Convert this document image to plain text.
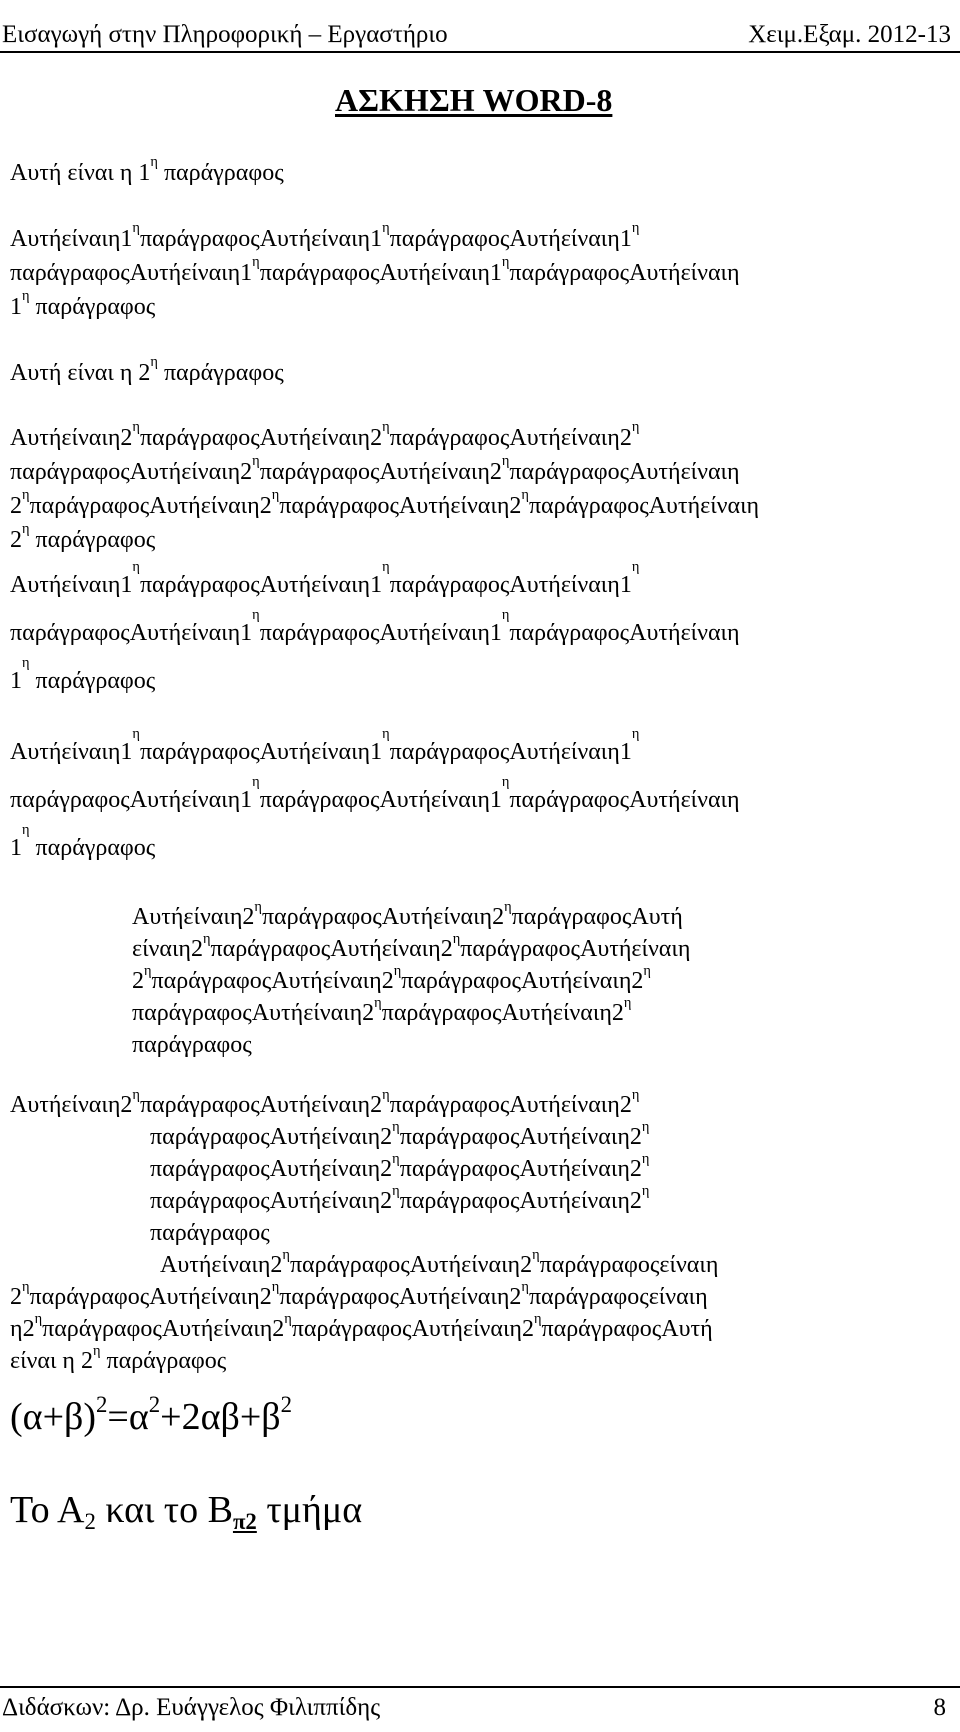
Εισαγωγή στην Πληροφορική – Εργαστήριο	Χειμ.Εξαμ. 2012-13
ΑΣΚΗΣΗ WORD-8
Αυτή είναι η $1^\eta$ παράγραφος
$A\upsilon\tau ή\varepsilon ί\nu\alpha\iota\eta 1^\eta\pi\alpha\rho ά\gamma\rho\alpha\varphi o\varsigma A\upsilon\tau ή\varepsilon ί\nu\alpha\iota\eta 1^\eta\pi\alpha\rho ά\gamma\rho\alpha\varphi o\varsigma A\upsilon\tau ή\varepsilon ί\nu\alpha\iota\eta 1^\eta$
$\pi\alpha\rho ά\gamma\rho\alpha\varphi o\varsigma A\upsilon\tau ή\varepsilon ί\nu\alpha\iota\eta 1^\eta\pi\alpha\rho ά\gamma\rho\alpha\varphi o\varsigma A\upsilon\tau ή\varepsilon ί\nu\alpha\iota\eta 1^\eta\pi\alpha\rho ά\gamma\rho\alpha\varphi o\varsigma A\upsilon\tau ή\varepsilon ί\nu\alpha\iota\eta$
$1^\eta$ παράγραφος
Αυτή είναι η $2^\eta$ παράγραφος
$A\upsilon\tau ή\varepsilon ί\nu\alpha\iota\eta 2^\eta\pi\alpha\rho ά\gamma\rho\alpha\varphi o\varsigma A\upsilon\tau ή\varepsilon ί\nu\alpha\iota\eta 2^\eta\pi\alpha\rho ά\gamma\rho\alpha\varphi o\varsigma A\upsilon\tau ή\varepsilon ί\nu\alpha\iota\eta 2^\eta$
$\pi\alpha\rho ά\gamma\rho\alpha\varphi o\varsigma A\upsilon\tau ή\varepsilon ί\nu\alpha\iota\eta 2^\eta\pi\alpha\rho ά\gamma\rho\alpha\varphi o\varsigma A\upsilon\tau ή\varepsilon ί\nu\alpha\iota\eta 2^\eta\pi\alpha\rho ά\gamma\rho\alpha\varphi o\varsigma A\upsilon\tau ή\varepsilon ί\nu\alpha\iota\eta$
$2^\eta\pi\alpha\rho ά\gamma\rho\alpha\varphi o\varsigma A\upsilon\tau ή\varepsilon ί\nu\alpha\iota\eta 2^\eta\pi\alpha\rho ά\gamma\rho\alpha\varphi o\varsigma A\upsilon\tau ή\varepsilon ί\nu\alpha\iota\eta 2^\eta\pi\alpha\rho ά\gamma\rho\alpha\varphi o\varsigma A\upsilon\tau ή\varepsilon ί\nu\alpha\iota\eta$
$2^\eta$ παράγραφος
$A\upsilon\tau ή\varepsilon ί\nu\alpha\iota\eta 1^\eta\pi\alpha\rho ά\gamma\rho\alpha\varphi o\varsigma A\upsilon\tau ή\varepsilon ί\nu\alpha\iota\eta 1^\eta\pi\alpha\rho ά\gamma\rho\alpha\varphi o\varsigma A\upsilon\tau ή\varepsilon ί\nu\alpha\iota\eta 1^\eta$
$\pi\alpha\rho ά\gamma\rho\alpha\varphi o\varsigma A\upsilon\tau ή\varepsilon ί\nu\alpha\iota\eta 1^\eta\pi\alpha\rho ά\gamma\rho\alpha\varphi o\varsigma A\upsilon\tau ή\varepsilon ί\nu\alpha\iota\eta 1^\eta\pi\alpha\rho ά\gamma\rho\alpha\varphi o\varsigma A\upsilon\tau ή\varepsilon ί\nu\alpha\iota\eta$
$1^\eta$ παράγραφος
$A\upsilon\tau ή\varepsilon ί\nu\alpha\iota\eta 1^\eta\pi\alpha\rho ά\gamma\rho\alpha\varphi o\varsigma A\upsilon\tau ή\varepsilon ί\nu\alpha\iota\eta 1^\eta\pi\alpha\rho ά\gamma\rho\alpha\varphi o\varsigma A\upsilon\tau ή\varepsilon ί\nu\alpha\iota\eta 1^\eta$
$\pi\alpha\rho ά\gamma\rho\alpha\varphi o\varsigma A\upsilon\tau ή\varepsilon ί\nu\alpha\iota\eta 1^\eta\pi\alpha\rho ά\gamma\rho\alpha\varphi o\varsigma A\upsilon\tau ή\varepsilon ί\nu\alpha\iota\eta 1^\eta\pi\alpha\rho ά\gamma\rho\alpha\varphi o\varsigma A\upsilon\tau ή\varepsilon ί\nu\alpha\iota\eta$
$1^\eta$ παράγραφος
$A\upsilon\tau ή\varepsilon ί\nu\alpha\iota\eta 2^\eta\pi\alpha\rho ά\gamma\rho\alpha\varphi o\varsigma A\upsilon\tau ή\varepsilon ί\nu\alpha\iota\eta 2^\eta\pi\alpha\rho ά\gamma\rho\alpha\varphi o\varsigma A\upsilon\tau ή$
$\varepsilon ί\nu\alpha\iota\eta 2^\eta\pi\alpha\rho ά\gamma\rho\alpha\varphi o\varsigma A\upsilon\tau ή\varepsilon ί\nu\alpha\iota\eta 2^\eta\pi\alpha\rho ά\gamma\rho\alpha\varphi o\varsigma A\upsilon\tau ή\varepsilon ί\nu\alpha\iota\eta$
$2^\eta\pi\alpha\rho ά\gamma\rho\alpha\varphi o\varsigma A\upsilon\tau ή\varepsilon ί\nu\alpha\iota\eta 2^\eta\pi\alpha\rho ά\gamma\rho\alpha\varphi o\varsigma A\upsilon\tau ή\varepsilon ί\nu\alpha\iota\eta 2^\eta$
$\pi\alpha\rho ά\gamma\rho\alpha\varphi o\varsigma A\upsilon\tau ή\varepsilon ί\nu\alpha\iota\eta 2^\eta\pi\alpha\rho ά\gamma\rho\alpha\varphi o\varsigma A\upsilon\tau ή\varepsilon ί\nu\alpha\iota\eta 2^\eta$
παράγραφος
$A\upsilon\tau ή\varepsilon ί\nu\alpha\iota\eta 2^\eta\pi\alpha\rho ά\gamma\rho\alpha\varphi o\varsigma A\upsilon\tau ή\varepsilon ί\nu\alpha\iota\eta 2^\eta\pi\alpha\rho ά\gamma\rho\alpha\varphi o\varsigma A\upsilon\tau ή\varepsilon ί\nu\alpha\iota\eta 2^\eta$
$\pi\alpha\rho ά\gamma\rho\alpha\varphi o\varsigma A\upsilon\tau ή\varepsilon ί\nu\alpha\iota\eta 2^\eta\pi\alpha\rho ά\gamma\rho\alpha\varphi o\varsigma A\upsilon\tau ή\varepsilon ί\nu\alpha\iota\eta 2^\eta$
$\pi\alpha\rho ά\gamma\rho\alpha\varphi o\varsigma A\upsilon\tau ή\varepsilon ί\nu\alpha\iota\eta 2^\eta\pi\alpha\rho ά\gamma\rho\alpha\varphi o\varsigma A\upsilon\tau ή\varepsilon ί\nu\alpha\iota\eta 2^\eta$
$\pi\alpha\rho ά\gamma\rho\alpha\varphi o\varsigma A\upsilon\tau ή\varepsilon ί\nu\alpha\iota\eta 2^\eta\pi\alpha\rho ά\gamma\rho\alpha\varphi o\varsigma A\upsilon\tau ή\varepsilon ί\nu\alpha\iota\eta 2^\eta$
παράγραφος
$A\upsilon\tau ή\varepsilon ί\nu\alpha\iota\eta 2^\eta\pi\alpha\rho ά\gamma\rho\alpha\varphi o\varsigma A\upsilon\tau ή\varepsilon ί\nu\alpha\iota\eta 2^\eta\pi\alpha\rho ά\gamma\rho\alpha\varphi o\varsigma\varepsilon ί\nu\alpha\iota\eta$
$2^\eta\pi\alpha\rho ά\gamma\rho\alpha\varphi o\varsigma A\upsilon\tau ή\varepsilon ί\nu\alpha\iota\eta 2^\eta\pi\alpha\rho ά\gamma\rho\alpha\varphi o\varsigma A\upsilon\tau ή\varepsilon ί\nu\alpha\iota\eta 2^\eta\pi\alpha\rho ά\gamma\rho\alpha\varphi o\varsigma\varepsilon ί\nu\alpha\iota\eta$
$\eta 2^\eta\pi\alpha\rho ά\gamma\rho\alpha\varphi o\varsigma A\upsilon\tau ή\varepsilon ί\nu\alpha\iota\eta 2^\eta\pi\alpha\rho ά\gamma\rho\alpha\varphi o\varsigma A\upsilon\tau ή\varepsilon ί\nu\alpha\iota\eta 2^\eta\pi\alpha\rho ά\gamma\rho\alpha\varphi o\varsigma A\upsilon\tau ή$
είναι η $2^\eta$ παράγραφος
$(\alpha+\beta)^2=\alpha^2+2\alpha\beta+\beta^2$
Το $A_2$ και το $B_{\pi 2}$ τμήμα
Διδάσκων: Δρ. Ευάγγελος Φιλιππίδης	8
